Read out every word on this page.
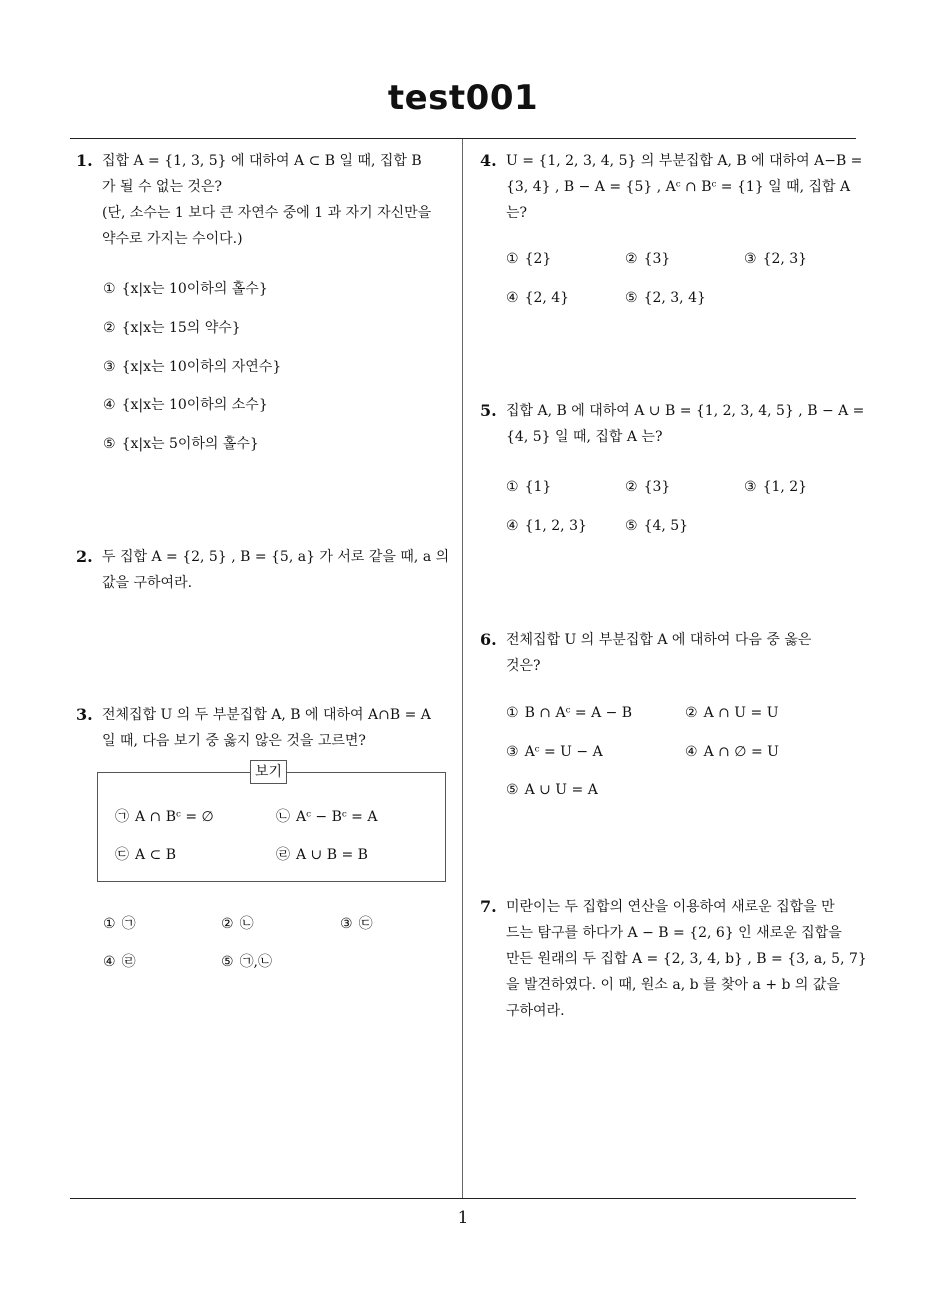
test001
1. 집합 A = {1, 3, 5} 에 대하여 A ⊂ B 일 때, 집합 B
가 될 수 없는 것은?
(단, 소수는 1 보다 큰 자연수 중에 1 과 자기 자신만을
약수로 가지는 수이다.)
① {x|x는 10이하의 홀수}
② {x|x는 15의 약수}
③ {x|x는 10이하의 자연수}
④ {x|x는 10이하의 소수}
⑤ {x|x는 5이하의 홀수}
2. 두 집합 A = {2, 5} , B = {5, a} 가 서로 같을 때, a 의
값을 구하여라.
3. 전체집합 U 의 두 부분집합 A, B 에 대하여 A∩B = A
일 때, 다음 보기 중 옳지 않은 것을 고르면?
보기
㉠ A ∩ Bᶜ = ∅	㉡ Aᶜ − Bᶜ = A
㉢ A ⊂ B	㉣ A ∪ B = B
① ㉠	② ㉡	③ ㉢
④ ㉣	⑤ ㉠,㉡
4. U = {1, 2, 3, 4, 5} 의 부분집합 A, B 에 대하여 A−B =
{3, 4} , B − A = {5} , Aᶜ ∩ Bᶜ = {1} 일 때, 집합 A
는?
① {2}	② {3}	③ {2, 3}
④ {2, 4}	⑤ {2, 3, 4}
5. 집합 A, B 에 대하여 A ∪ B = {1, 2, 3, 4, 5} , B − A =
{4, 5} 일 때, 집합 A 는?
① {1}	② {3}	③ {1, 2}
④ {1, 2, 3}	⑤ {4, 5}
6. 전체집합 U 의 부분집합 A 에 대하여 다음 중 옳은
것은?
① B ∩ Aᶜ = A − B	② A ∩ U = U
③ Aᶜ = U − A	④ A ∩ ∅ = U
⑤ A ∪ U = A
7. 미란이는 두 집합의 연산을 이용하여 새로운 집합을 만
드는 탐구를 하다가 A − B = {2, 6} 인 새로운 집합을
만든 원래의 두 집합 A = {2, 3, 4, b} , B = {3, a, 5, 7}
을 발견하였다. 이 때, 원소 a, b 를 찾아 a + b 의 값을
구하여라.
1
